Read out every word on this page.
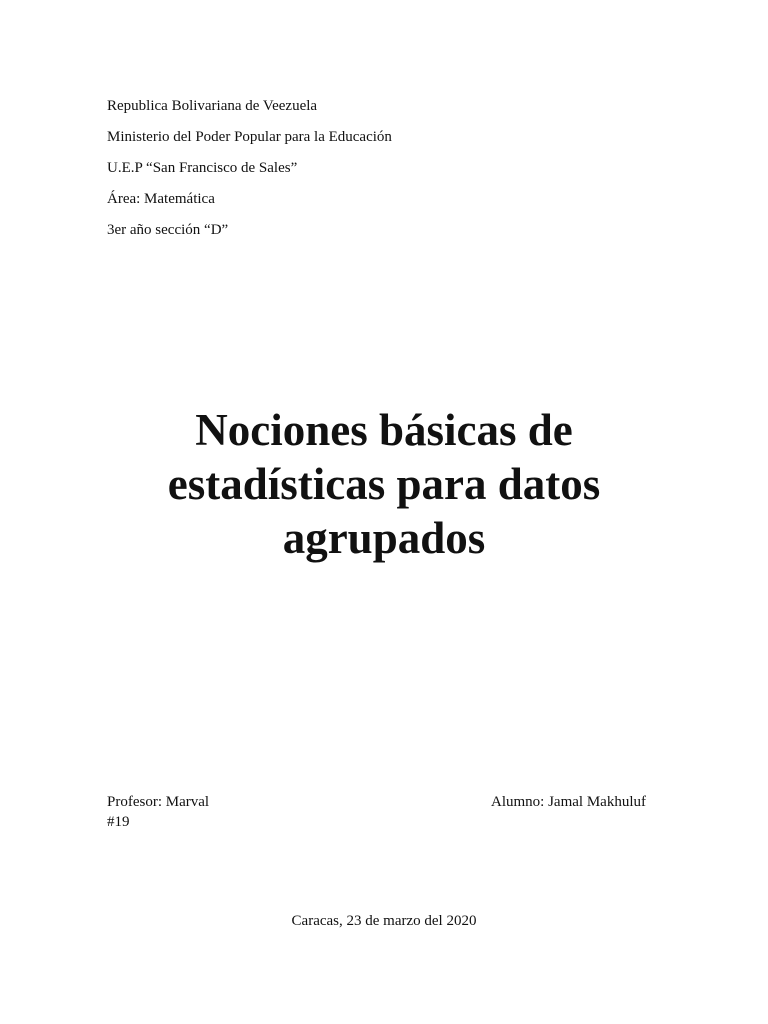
Republica Bolivariana de Veezuela
Ministerio del Poder Popular para la Educación
U.E.P “San Francisco de Sales”
Área: Matemática
3er año sección “D”
Nociones básicas de
estadísticas para datos
agrupados
Profesor: Marval	Alumno: Jamal Makhuluf
#19
Caracas, 23 de marzo del 2020
